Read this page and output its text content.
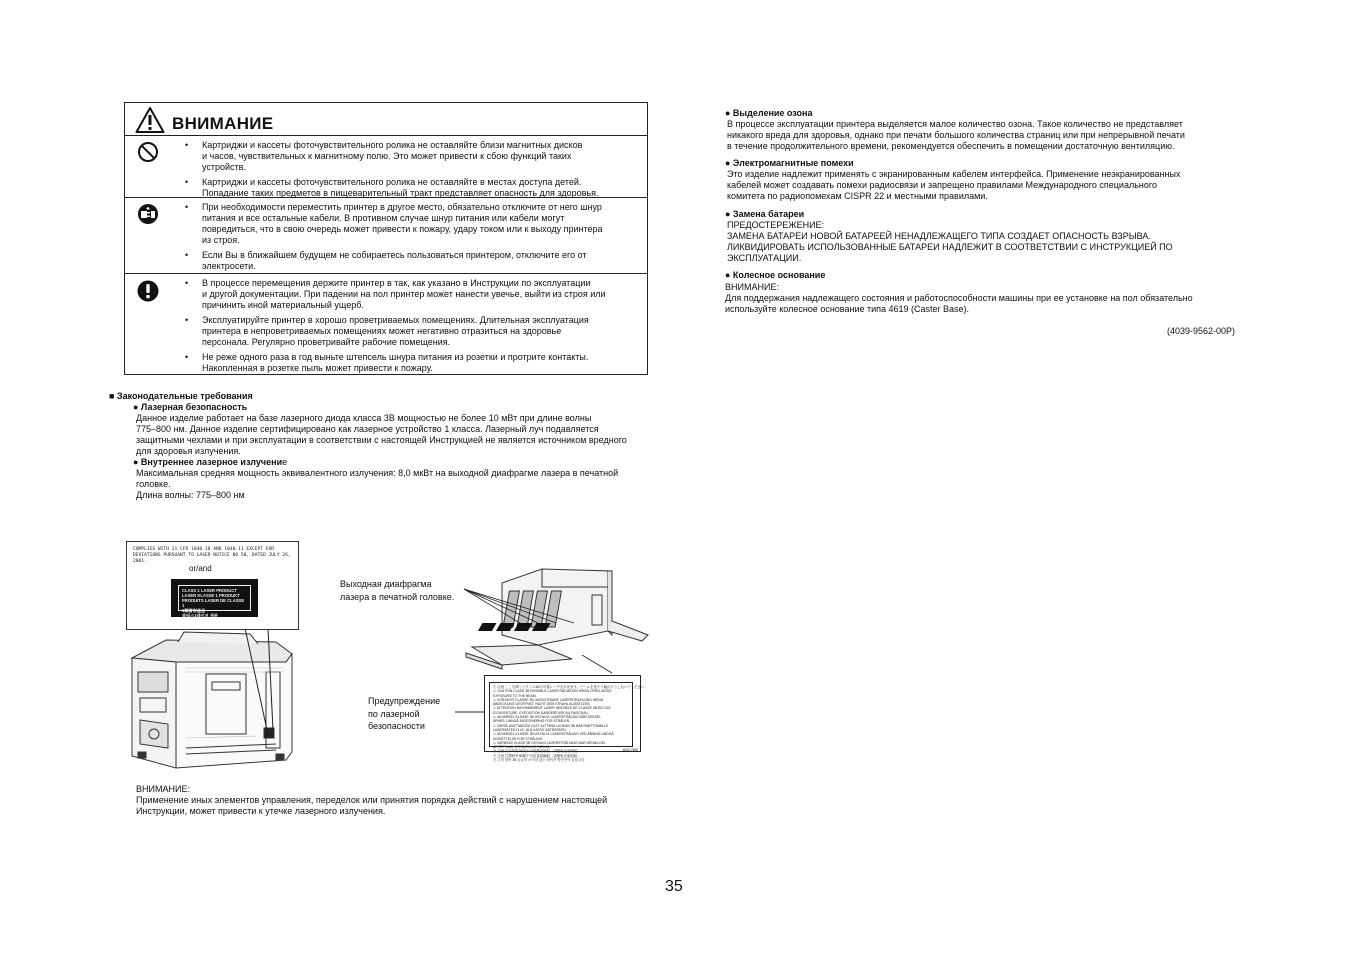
ВНИМАНИЕ
• Картриджи и кассеты фоточувствительного ролика не оставляйте близи магнитных дисков
и часов, чувствительных к магнитному полю. Это может привести к сбою функций таких
устройств.
• Картриджи и кассеты фоточувствительного ролика не оставляйте в местах доступа детей.
Попадание таких предметов в пищеварительный тракт представляет опасность для здоровья.
• При необходимости переместить принтер в другое место, обязательно отключите от него шнур
питания и все остальные кабели. В противном случае шнур питания или кабели могут
повредиться, что в свою очередь может привести к пожару, удару током или к выходу принтера
из строя.
• Если Вы в ближайшем будущем не собираетесь пользоваться принтером, отключите его от
электросети.
• В процессе перемещения держите принтер в так, как указано в Инструкции по эксплуатации
и другой документации. При падении на пол принтер может нанести увечье, выйти из строя или
причинить иной материальный ущерб.
• Эксплуатируйте принтер в хорошо проветриваемых помещениях. Длительная эксплуатация
принтера в непроветриваемых помещениях может негативно отразиться на здоровье
персонала. Регулярно проветривайте рабочие помещения.
• Не реже одного раза в год выньте штепсель шнура питания из розетки и протрите контакты.
Накопленная в розетке пыль может привести к пожару.
■ Законодательные требования
● Лазерная безопасность
Данное изделие работает на базе лазерного диода класса 3В мощностью не более 10 мВт при длине волны
775–800 нм. Данное изделие сертифицировано как лазерное устройство 1 класса. Лазерный луч подавляется
защитными чехлами и при эксплуатации в соответствии с настоящей Инструкцией не является источником вредного
для здоровья излучения.
● Внутреннее лазерное излучение
Максимальная средняя мощность эквивалентного излучения: 8,0 мкВт на выходной диафрагме лазера в печатной
головке.
Длина волны: 775–800 нм
COMPLIES WITH 21 CFR 1040.10 AND 1040.11 EXCEPT FOR
DEVIATIONS PURSUANT TO LASER NOTICE NO 50, DATED JULY 26, 2001.
or/and
CLASS 1 LASER PRODUCT
LASER KLASSE 1 PRODUKT
PRODUITS LASER DE CLASSE 1
1類雷射產品
클래스1레이저 제품
Выходная диафрагма
лазера в печатной головке.
Предупреждение
по лазерной
безопасности
⚠ 注意 ここを開くとクラス3B不可視レーザ光が出ます。ビームを見たり触れたりしないでください。
⚠ CAUTION CLASS 3B INVISIBLE LASER RADIATION WHEN OPEN. AVOID
EXPOSURE TO THE BEAM.
⚠ VORSICHT KLASSE 3B UNSICHTBARE LASERSTRAHLUNG WENN
ABDECKUNG GEÖFFNET. NICHT DEM STRAHL AUSSETZEN.
⚠ ATTENTION RAYONNEMENT LASER INVISIBLE DE CLASSE 3B EN CAS
D'OUVERTURE. EXPOSITION DANGEREUSE AU FAISCEAU.
⚠ ADVARSEL KLASSE 3B USYNLIG LASERSTRÅLING NÅR DEKSEL
ÅPNES. UNNGÅ EKSPONERING FOR STRÅLEN.
⚠ VAROI! AVATTAESSA OLET ALTTIINA LUOKAN 3B NÄKYMÄTTÖMÄLLE
LASERSÄTEILYLLE. ÄLÄ KATSO SÄTEESEEN.
⚠ ADVARSEL KLASSE 3B USYNLIG LASERSTRÅLING VED ÅBNING UNDGÅ
UDSÆTTELSE FOR STRÅLING.
⚠ VARNING! KLASS 3B OSYNLIG LASERSTRÅLNING NÄR DENNA DEL
ÄR ÖPPNAD. STRÅLEN ÄR FARLIG.
⚠ 注意 打开时有3B类不可见激光辐射，请避免光束照射。
⚠ 注意 打開時有3B類不可見雷射輻射，請避免光束照射。
⚠ 주의 열면 3B 등급의 보이지 않는 레이저 방사선이 있습니다.
4030-7665
ВНИМАНИЕ:
Применение иных элементов управления, переделок или принятия порядка действий с нарушением настоящей
Инструкции, может привести к утечке лазерного излучения.
● Выделение озона
В процессе эксплуатации принтера выделяется малое количество озона. Такое количество не представляет
никакого вреда для здоровья, однако при печати большого количества страниц или при непрерывной печати
в течение продолжительного времени, рекомендуется обеспечить в помещении достаточную вентиляцию.
● Электромагнитные помехи
Это изделие надлежит применять с экранированным кабелем интерфейса. Применение неэкранированных
кабелей может создавать помехи радиосвязи и запрещено правилами Международного специального
комитета по радиопомехам CISPR 22 и местными правилами.
● Замена батареи
ПРЕДОСТЕРЕЖЕНИЕ:
ЗАМЕНА БАТАРЕИ НОВОЙ БАТАРЕЕЙ НЕНАДЛЕЖАЩЕГО ТИПА СОЗДАЕТ ОПАСНОСТЬ ВЗРЫВА.
ЛИКВИДИРОВАТЬ ИСПОЛЬЗОВАННЫЕ БАТАРЕИ НАДЛЕЖИТ В СООТВЕТСТВИИ С ИНСТРУКЦИЕЙ ПО
ЭКСПЛУАТАЦИИ.
● Колесное основание
ВНИМАНИЕ:
Для поддержания надлежащего состояния и работоспособности машины при ее установке на пол обязательно
используйте колесное основание типа 4619 (Caster Base).
(4039-9562-00P)
35
